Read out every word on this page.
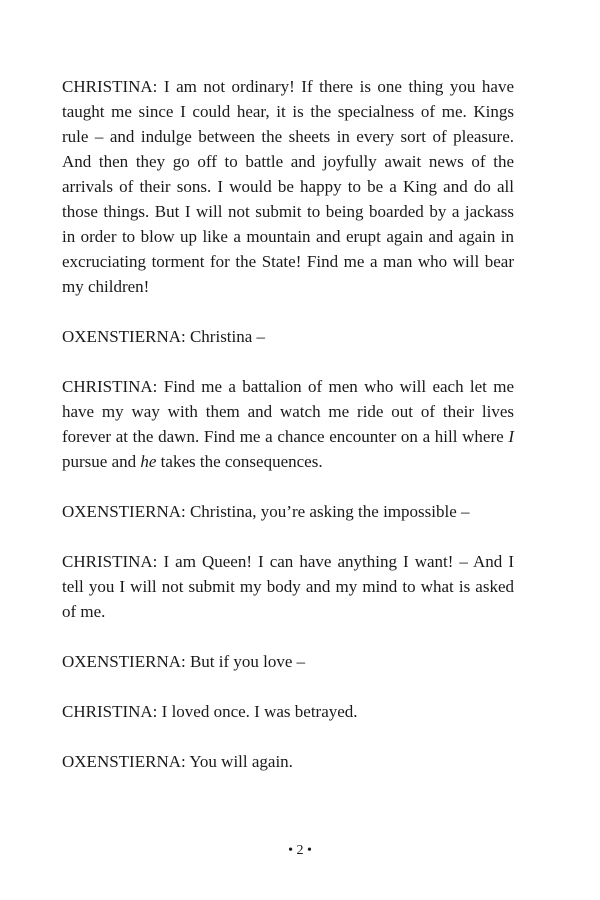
CHRISTINA: I am not ordinary! If there is one thing you have taught me since I could hear, it is the specialness of me. Kings rule – and indulge between the sheets in every sort of pleasure. And then they go off to battle and joyfully await news of the arrivals of their sons. I would be happy to be a King and do all those things. But I will not submit to being boarded by a jackass in order to blow up like a mountain and erupt again and again in excruciating torment for the State! Find me a man who will bear my children!

OXENSTIERNA: Christina –

CHRISTINA: Find me a battalion of men who will each let me have my way with them and watch me ride out of their lives forever at the dawn. Find me a chance encounter on a hill where I pursue and he takes the consequences.

OXENSTIERNA: Christina, you’re asking the impossible –

CHRISTINA: I am Queen! I can have anything I want! – And I tell you I will not submit my body and my mind to what is asked of me.

OXENSTIERNA: But if you love –

CHRISTINA: I loved once. I was betrayed.

OXENSTIERNA: You will again.

• 2 •
